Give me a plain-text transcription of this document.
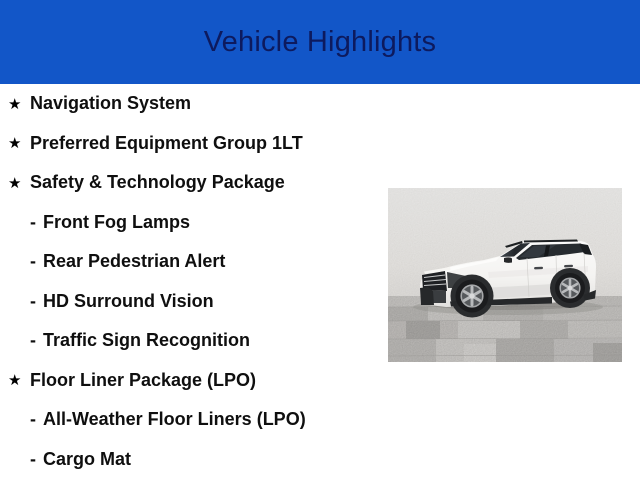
Vehicle Highlights
★ Navigation System
★ Preferred Equipment Group 1LT
★ Safety & Technology Package
- Front Fog Lamps
- Rear Pedestrian Alert
- HD Surround Vision
- Traffic Sign Recognition
★ Floor Liner Package (LPO)
- All-Weather Floor Liners (LPO)
- Cargo Mat
